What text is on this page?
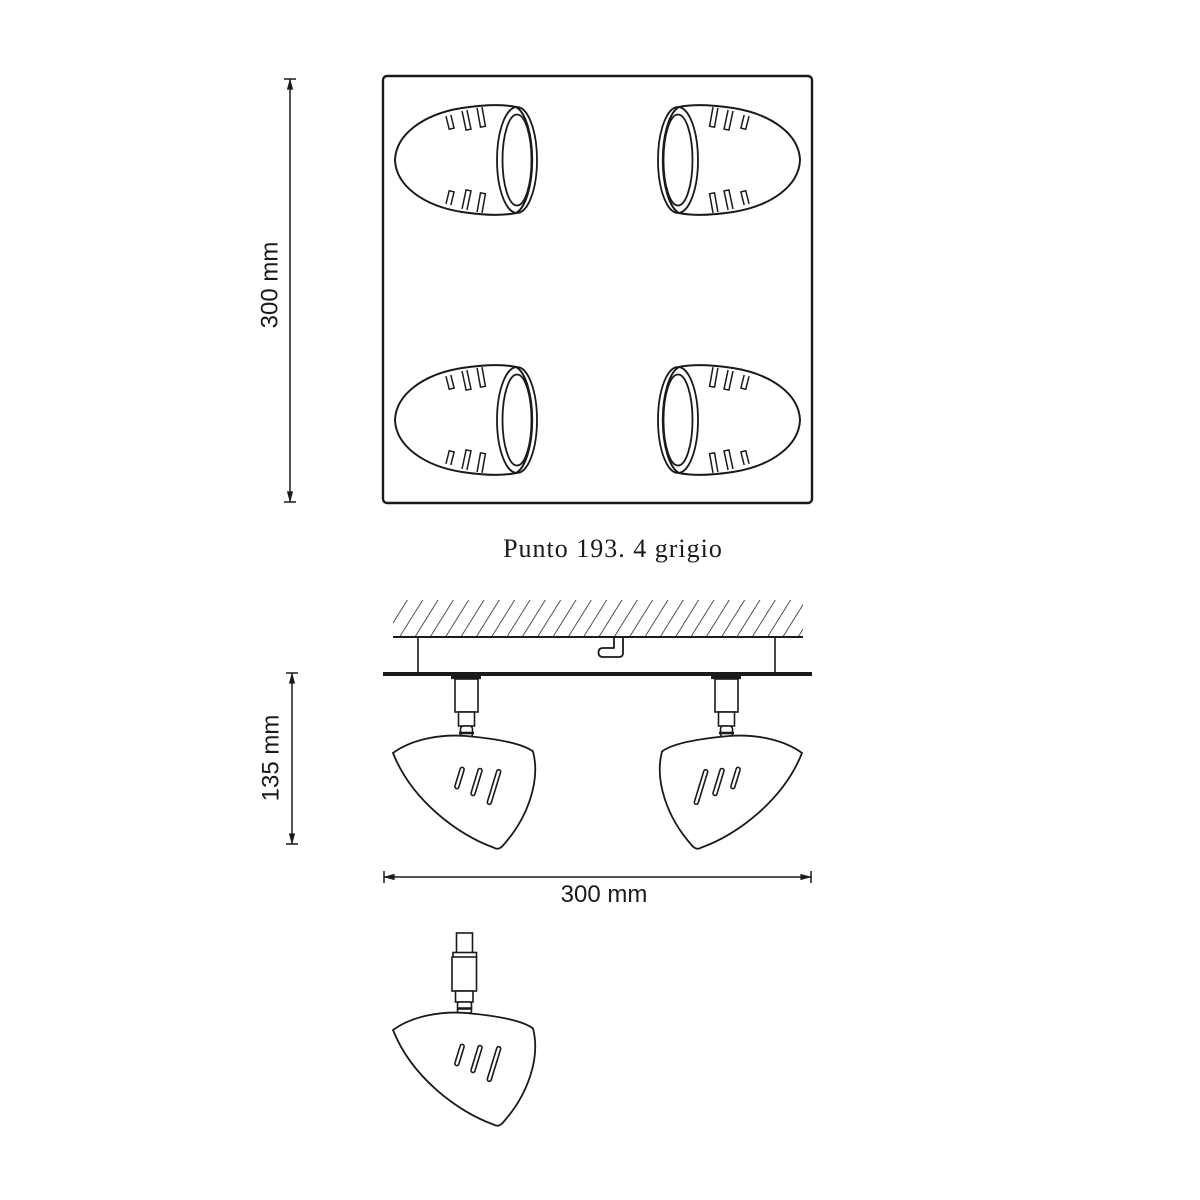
300 mm
Punto 193. 4 grigio
135 mm
300 mm
